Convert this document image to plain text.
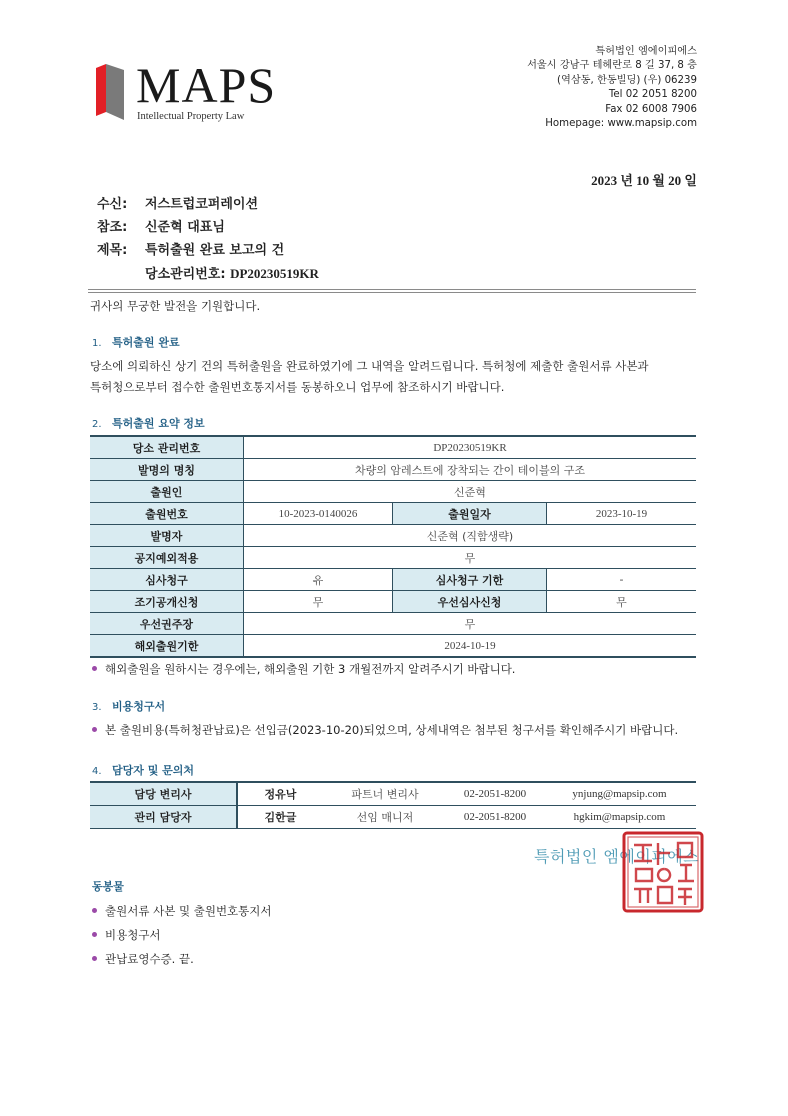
MAPS
Intellectual Property Law
특허법인 엠에이피에스
서울시 강남구 테헤란로 8 길 37, 8 층
(역삼동, 한동빌딩) (우) 06239
Tel 02 2051 8200
Fax 02 6008 7906
Homepage: www.mapsip.com
2023 년 10 월 20 일
수신: 저스트럽코퍼레이션
참조: 신준혁 대표님
제목: 특허출원 완료 보고의 건
당소관리번호: DP20230519KR
귀사의 무궁한 발전을 기원합니다.
1. 특허출원 완료
당소에 의뢰하신 상기 건의 특허출원을 완료하였기에 그 내역을 알려드립니다. 특허청에 제출한 출원서류 사본과
특허청으로부터 접수한 출원번호통지서를 동봉하오니 업무에 참조하시기 바랍니다.
2. 특허출원 요약 정보
당소 관리번호	DP20230519KR		
발명의 명칭	차량의 암레스트에 장착되는 간이 테이블의 구조		
출원인	신준혁		
출원번호	10-2023-0140026	출원일자	2023-10-19
발명자	신준혁 (직함생략)		
공지예외적용	무		
심사청구	유	심사청구 기한	-
조기공개신청	무	우선심사신청	무
우선권주장	무		
해외출원기한	2024-10-19		
해외출원을 원하시는 경우에는, 해외출원 기한 3 개월전까지 알려주시기 바랍니다.
3. 비용청구서
본 출원비용(특허청관납료)은 선입금(2023-10-20)되었으며, 상세내역은 첨부된 청구서를 확인해주시기 바랍니다.
4. 담당자 및 문의처
담당 변리사	정유낙	파트너 변리사	02-2051-8200	ynjung@mapsip.com
관리 담당자	김한글	선임 매니저	02-2051-8200	hgkim@mapsip.com
특허법인 엠에이피에스
동봉물
출원서류 사본 및 출원번호통지서
비용청구서
관납료영수증. 끝.
